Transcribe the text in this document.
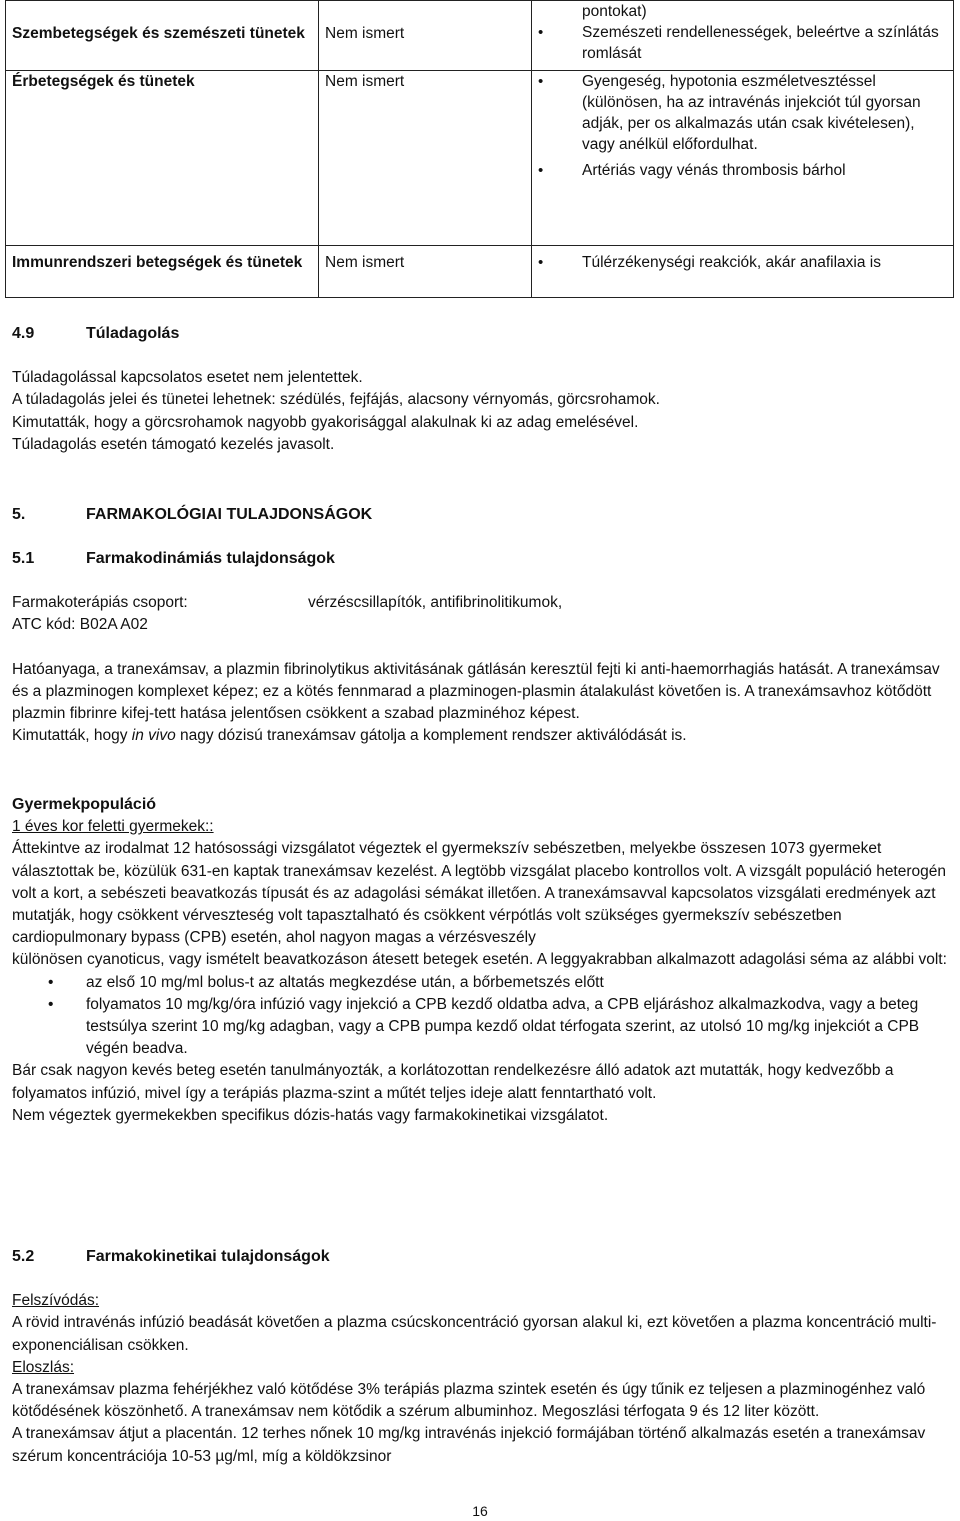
Szembetegségek és szemészeti tünetek	Nem ismert	pontokat)
• Szemészeti rendellenességek, beleértve a színlátás romlását

Érbetegségek és tünetek	Nem ismert	• Gyengeség, hypotonia eszméletvesztéssel (különösen, ha az intravénás injekciót túl gyorsan adják, per os alkalmazás után csak kivételesen), vagy anélkül előfordulhat.
• Artériás vagy vénás thrombosis bárhol

Immunrendszeri betegségek és tünetek	Nem ismert	• Túlérzékenységi reakciók, akár anafilaxia is
4.9	Túladagolás
Túladagolással kapcsolatos esetet nem jelentettek.
A túladagolás jelei és tünetei lehetnek: szédülés, fejfájás, alacsony vérnyomás, görcsrohamok.
Kimutatták, hogy a görcsrohamok nagyobb gyakorisággal alakulnak ki az adag emelésével.
Túladagolás esetén támogató kezelés javasolt.
5.	FARMAKOLÓGIAI TULAJDONSÁGOK
5.1	Farmakodinámiás tulajdonságok
Farmakoterápiás csoport:	vérzéscsillapítók, antifibrinolitikumok,
ATC kód: B02A A02
Hatóanyaga, a tranexámsav, a plazmin fibrinolytikus aktivitásának gátlásán keresztül fejti ki anti-haemorrhagiás hatását. A tranexámsav és a plazminogen komplexet képez; ez a kötés fennmarad a plazminogen-plasmin átalakulást követően is. A tranexámsavhoz kötődött plazmin fibrinre kifej-tett hatása jelentősen csökkent a szabad plazminéhoz képest.
Kimutatták, hogy in vivo nagy dózisú tranexámsav gátolja a komplement rendszer aktiválódását is.
Gyermekpopuláció
1 éves kor feletti gyermekek::
Áttekintve az irodalmat 12 hatósossági vizsgálatot végeztek el gyermekszív sebészetben, melyekbe összesen 1073 gyermeket választottak be, közülük 631-en kaptak tranexámsav kezelést. A legtöbb vizsgálat placebo kontrollos volt. A vizsgált populáció heterogén volt a kort, a sebészeti beavatkozás típusát és az adagolási sémákat illetően. A tranexámsavval kapcsolatos vizsgálati eredmények azt mutatják, hogy csökkent vérveszteség volt tapasztalható és csökkent vérpótlás volt szükséges gyermekszív sebészetben cardiopulmonary bypass (CPB) esetén, ahol nagyon magas a vérzésveszély
különösen cyanoticus, vagy ismételt beavatkozáson átesett betegek esetén. A leggyakrabban alkalmazott adagolási séma az alábbi volt:
• az első 10 mg/ml bolus-t az altatás megkezdése után, a bőrbemetszés előtt
• folyamatos 10 mg/kg/óra infúzió vagy injekció a CPB kezdő oldatba adva, a CPB eljáráshoz alkalmazkodva, vagy a beteg testsúlya szerint 10 mg/kg adagban, vagy a CPB pumpa kezdő oldat térfogata szerint, az utolsó 10 mg/kg injekciót a CPB végén beadva.
Bár csak nagyon kevés beteg esetén tanulmányozták, a korlátozottan rendelkezésre álló adatok azt mutatták, hogy kedvezőbb a folyamatos infúzió, mivel így a terápiás plazma-szint a műtét teljes ideje alatt fenntartható volt.
Nem végeztek gyermekekben specifikus dózis-hatás vagy farmakokinetikai vizsgálatot.
5.2	Farmakokinetikai tulajdonságok
Felszívódás:
A rövid intravénás infúzió beadását követően a plazma csúcskoncentráció gyorsan alakul ki, ezt követően a plazma koncentráció multi-exponenciálisan csökken.
Eloszlás:
A tranexámsav plazma fehérjékhez való kötődése 3% terápiás plazma szintek esetén és úgy tűnik ez teljesen a plazminogénhez való kötődésének köszönhető. A tranexámsav nem kötődik a szérum albuminhoz. Megoszlási térfogata 9 és 12 liter között.
A tranexámsav átjut a placentán. 12 terhes nőnek 10 mg/kg intravénás injekció formájában történő alkalmazás esetén a tranexámsav szérum koncentrációja 10-53 µg/ml, míg a köldökzsinor
16
